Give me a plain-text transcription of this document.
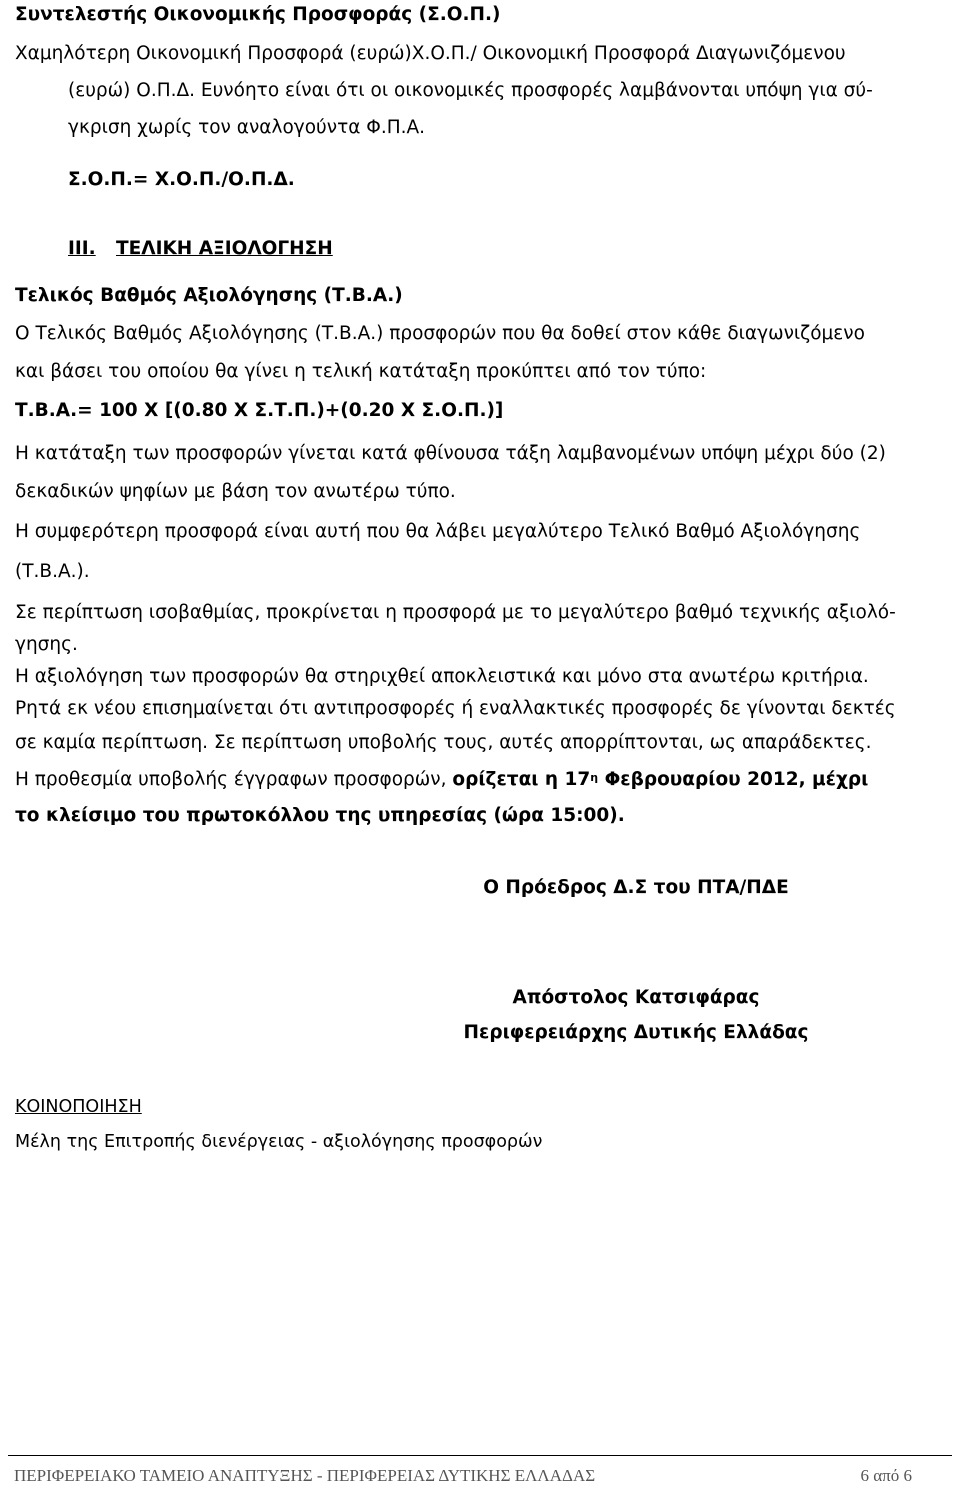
Συντελεστής Οικονομικής Προσφοράς (Σ.Ο.Π.)
Χαμηλότερη Οικονομική Προσφορά (ευρώ)Χ.Ο.Π./ Οικονομική Προσφορά Διαγωνιζόμενου
(ευρώ) Ο.Π.Δ. Ευνόητο είναι ότι οι οικονομικές προσφορές λαμβάνονται υπόψη για σύ-
γκριση χωρίς τον αναλογούντα Φ.Π.Α.
Σ.Ο.Π.= Χ.Ο.Π./Ο.Π.Δ.
ΙΙΙ. ΤΕΛΙΚΗ ΑΞΙΟΛΟΓΗΣΗ
Τελικός Βαθμός Αξιολόγησης (Τ.Β.Α.)
Ο Τελικός Βαθμός Αξιολόγησης (Τ.Β.Α.) προσφορών που θα δοθεί στον κάθε διαγωνιζόμενο
και βάσει του οποίου θα γίνει η τελική κατάταξη προκύπτει από τον τύπο:
Τ.Β.Α.= 100 Χ [(0.80 Χ Σ.Τ.Π.)+(0.20 Χ Σ.Ο.Π.)]
Η κατάταξη των προσφορών γίνεται κατά φθίνουσα τάξη λαμβανομένων υπόψη μέχρι δύο (2)
δεκαδικών ψηφίων με βάση τον ανωτέρω τύπο.
Η συμφερότερη προσφορά είναι αυτή που θα λάβει μεγαλύτερο Τελικό Βαθμό Αξιολόγησης
(Τ.Β.Α.).
Σε περίπτωση ισοβαθμίας, προκρίνεται η προσφορά με το μεγαλύτερο βαθμό τεχνικής αξιολό-
γησης.
Η αξιολόγηση των προσφορών θα στηριχθεί αποκλειστικά και μόνο στα ανωτέρω κριτήρια.
Ρητά εκ νέου επισημαίνεται ότι αντιπροσφορές ή εναλλακτικές προσφορές δε γίνονται δεκτές
σε καμία περίπτωση. Σε περίπτωση υποβολής τους, αυτές απορρίπτονται, ως απαράδεκτες.
Η προθεσμία υποβολής έγγραφων προσφορών, ορίζεται η $17^\eta$ Φεβρουαρίου 2012, μέχρι
το κλείσιμο του πρωτοκόλλου της υπηρεσίας (ώρα 15:00).
Ο Πρόεδρος Δ.Σ του ΠΤΑ/ΠΔΕ
Απόστολος Κατσιφάρας
Περιφερειάρχης Δυτικής Ελλάδας
ΚΟΙΝΟΠΟΙΗΣΗ
Μέλη της Επιτροπής διενέργειας - αξιολόγησης προσφορών
ΠΕΡΙΦΕΡΕΙΑΚΟ ΤΑΜΕΙΟ ΑΝΑΠΤΥΞΗΣ - ΠΕΡΙΦΕΡΕΙΑΣ ΔΥΤΙΚΗΣ ΕΛΛΑΔΑΣ	6 από 6
